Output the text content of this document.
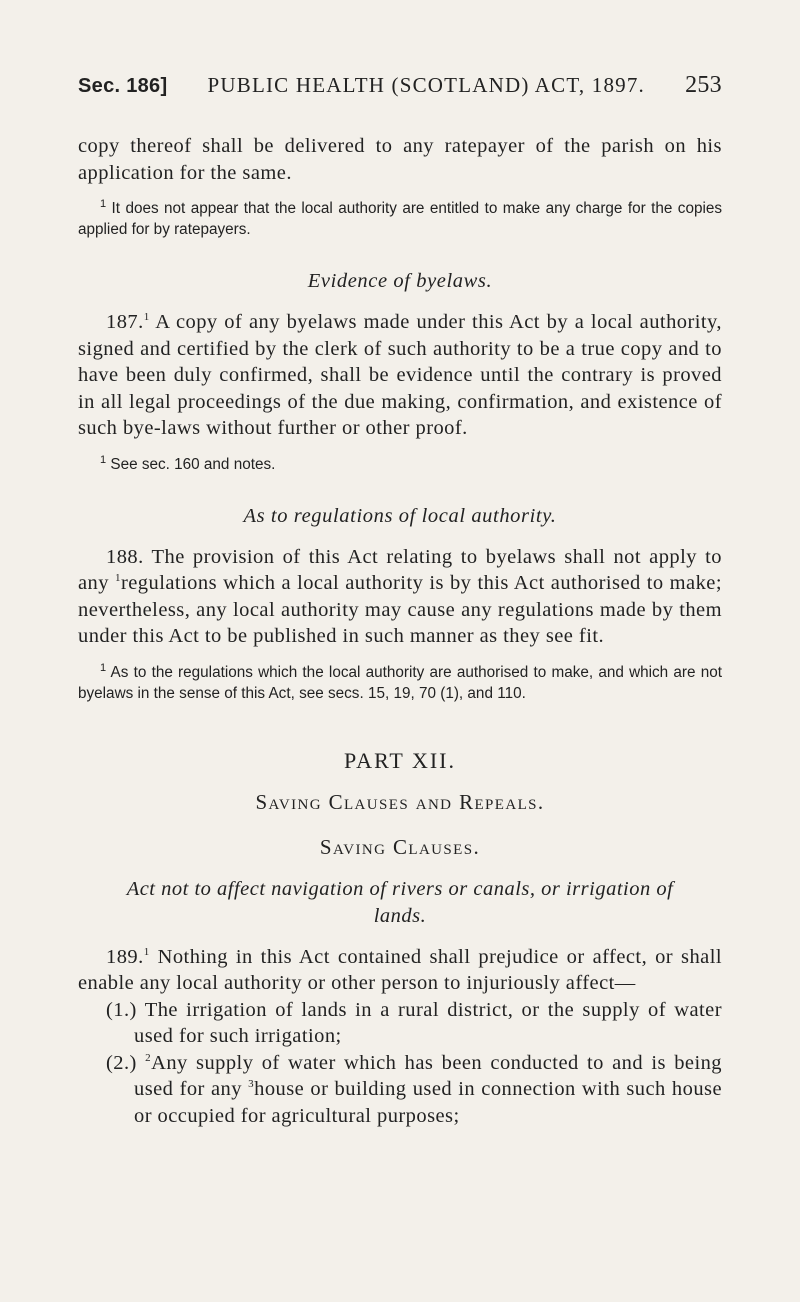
Sec. 186] PUBLIC HEALTH (SCOTLAND) ACT, 1897. 253

copy thereof shall be delivered to any ratepayer of the parish on his application for the same.

$^1$ It does not appear that the local authority are entitled to make any charge for the copies applied for by ratepayers.

Evidence of byelaws.

187.$^1$ A copy of any byelaws made under this Act by a local authority, signed and certified by the clerk of such authority to be a true copy and to have been duly confirmed, shall be evidence until the contrary is proved in all legal proceedings of the due making, confirmation, and existence of such bye-laws without further or other proof.

$^1$ See sec. 160 and notes.

As to regulations of local authority.

188. The provision of this Act relating to byelaws shall not apply to any $^1$regulations which a local authority is by this Act authorised to make; nevertheless, any local authority may cause any regulations made by them under this Act to be published in such manner as they see fit.

$^1$ As to the regulations which the local authority are authorised to make, and which are not byelaws in the sense of this Act, see secs. 15, 19, 70 (1), and 110.

PART XII.

Saving Clauses and Repeals.

Saving Clauses.

Act not to affect navigation of rivers or canals, or irrigation of lands.

189.$^1$ Nothing in this Act contained shall prejudice or affect, or shall enable any local authority or other person to injuriously affect—

(1.) The irrigation of lands in a rural district, or the supply of water used for such irrigation;

(2.) $^2$Any supply of water which has been conducted to and is being used for any $^3$house or building used in connection with such house or occupied for agricultural purposes;
